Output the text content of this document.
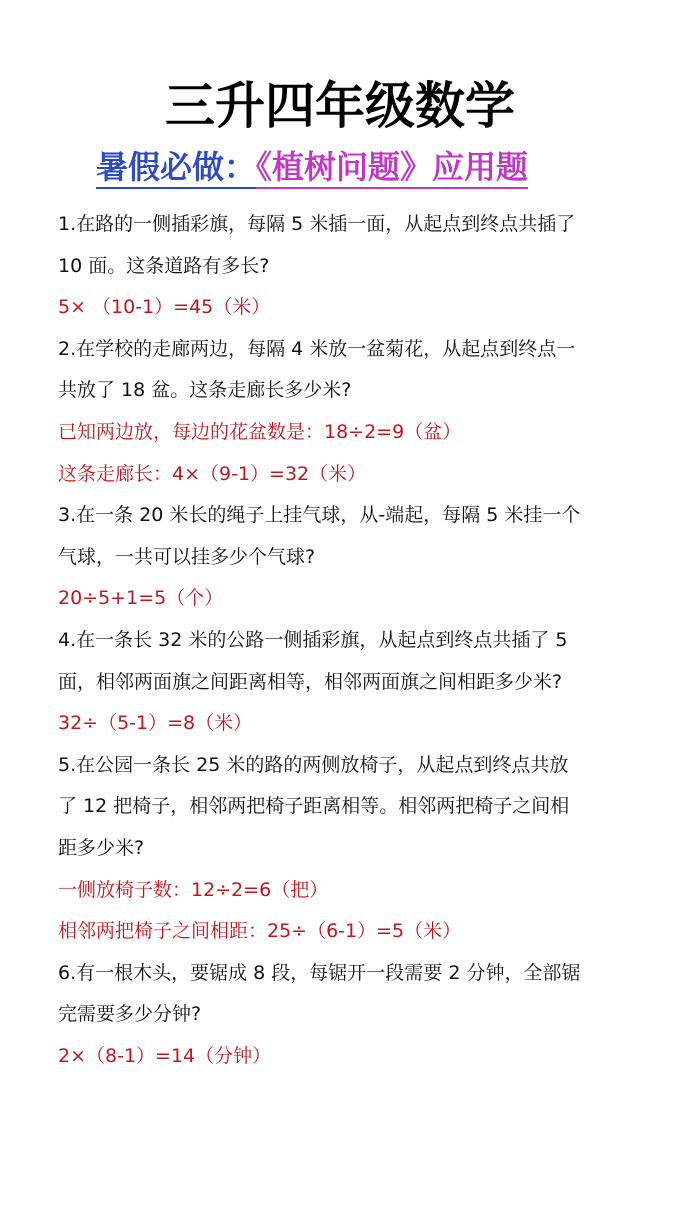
三升四年级数学
暑假必做：《植树问题》应用题

1.在路的一侧插彩旗，每隔 5 米插一面，从起点到终点共插了

10 面。这条道路有多长?

5× （10-1）=45（米）

2.在学校的走廊两边，每隔 4 米放一盆菊花，从起点到终点一

共放了 18 盆。这条走廊长多少米?

已知两边放，每边的花盆数是：18÷2=9（盆）

这条走廊长：4×（9-1）=32（米）

3.在一条 20 米长的绳子上挂气球，从-端起，每隔 5 米挂一个

气球，一共可以挂多少个气球?

20÷5+1=5（个）

4.在一条长 32 米的公路一侧插彩旗，从起点到终点共插了 5

面，相邻两面旗之间距离相等，相邻两面旗之间相距多少米?

32÷（5-1）=8（米）

5.在公园一条长 25 米的路的两侧放椅子，从起点到终点共放

了 12 把椅子，相邻两把椅子距离相等。相邻两把椅子之间相

距多少米?

一侧放椅子数：12÷2=6（把）

相邻两把椅子之间相距：25÷（6-1）=5（米）

6.有一根木头，要锯成 8 段，每锯开一段需要 2 分钟，全部锯

完需要多少分钟?

2×（8-1）=14（分钟）
